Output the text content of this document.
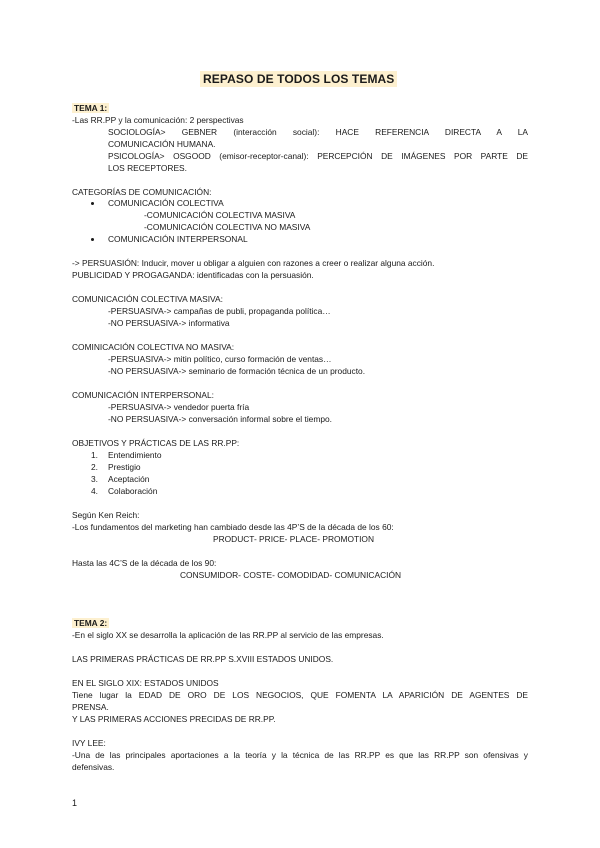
REPASO DE TODOS LOS TEMAS
TEMA 1:
-Las RR.PP y la comunicación: 2 perspectivas
SOCIOLOGÍA> GEBNER (interacción social): HACE REFERENCIA DIRECTA A LA
COMUNICACIÓN HUMANA.
PSICOLOGÍA> OSGOOD (emisor-receptor-canal): PERCEPCIÓN DE IMÁGENES POR PARTE DE
LOS RECEPTORES.
CATEGORÍAS DE COMUNICACIÓN:
COMUNICACIÓN COLECTIVA
-COMUNICACIÓN COLECTIVA MASIVA
-COMUNICACIÓN COLECTIVA NO MASIVA
COMUNICACIÓN INTERPERSONAL
-> PERSUASIÓN: Inducir, mover u obligar a alguien con razones a creer o realizar alguna acción.
PUBLICIDAD Y PROGAGANDA: identificadas con la persuasión.
COMUNICACIÓN COLECTIVA MASIVA:
-PERSUASIVA-> campañas de publi, propaganda política…
-NO PERSUASIVA-> informativa
COMINICACIÓN COLECTIVA NO MASIVA:
-PERSUASIVA-> mitin político, curso formación de ventas…
-NO PERSUASIVA-> seminario de formación técnica de un producto.
COMUNICACIÓN INTERPERSONAL:
-PERSUASIVA-> vendedor puerta fría
-NO PERSUASIVA-> conversación informal sobre el tiempo.
OBJETIVOS Y PRÁCTICAS DE LAS RR.PP:
1. Entendimiento
2. Prestigio
3. Aceptación
4. Colaboración
Según Ken Reich:
-Los fundamentos del marketing han cambiado desde las 4P’S de la década de los 60:
PRODUCT- PRICE- PLACE- PROMOTION
Hasta las 4C’S de la década de los 90:
CONSUMIDOR- COSTE- COMODIDAD- COMUNICACIÓN
TEMA 2:
-En el siglo XX se desarrolla la aplicación de las RR.PP al servicio de las empresas.
LAS PRIMERAS PRÁCTICAS DE RR.PP S.XVIII ESTADOS UNIDOS.
EN EL SIGLO XIX: ESTADOS UNIDOS
Tiene lugar la EDAD DE ORO DE LOS NEGOCIOS, QUE FOMENTA LA APARICIÓN DE AGENTES DE
PRENSA.
Y LAS PRIMERAS ACCIONES PRECIDAS DE RR.PP.
IVY LEE:
-Una de las principales aportaciones a la teoría y la técnica de las RR.PP es que las RR.PP son ofensivas y
defensivas.
1
